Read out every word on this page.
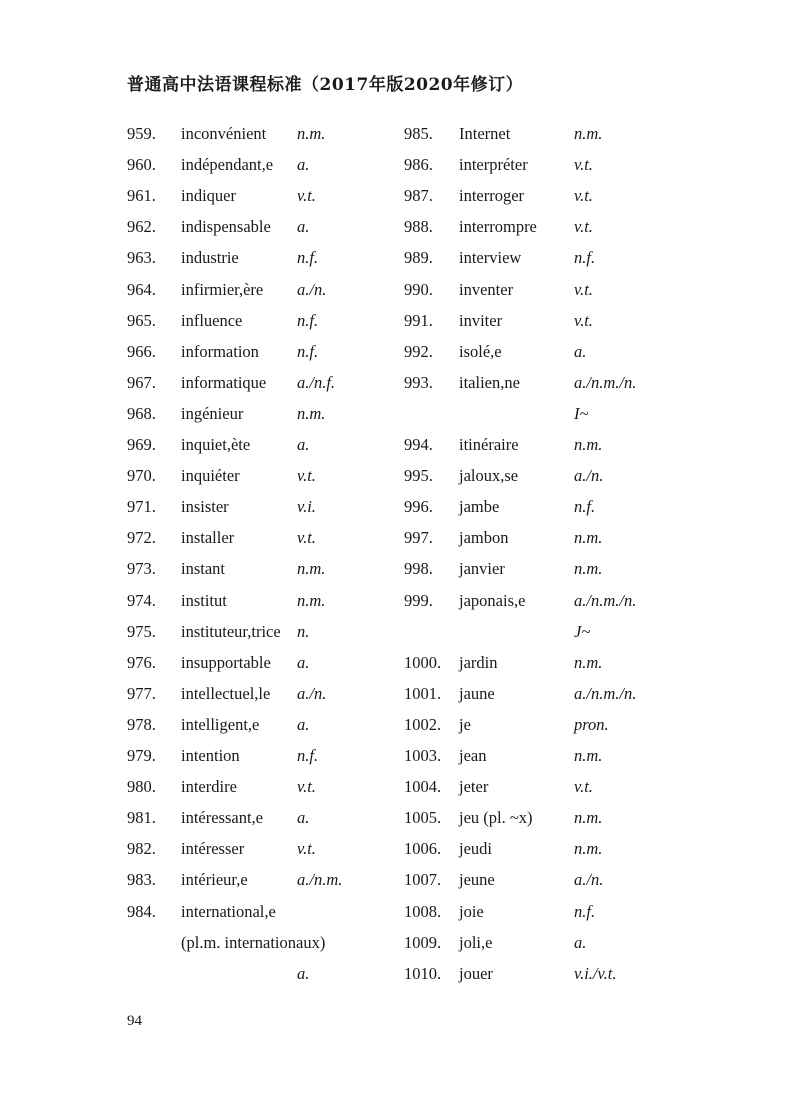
普通高中法语课程标准（2017年版2020年修订）
959. inconvénient n.m.
960. indépendant,e a.
961. indiquer	v.t.
962. indispensable a.
963. industrie	n.f.
964. infirmier,ère a./n.
965. influence	n.f.
966. information n.f.
967. informatique a./n.f.
968. ingénieur	n.m.
969. inquiet,ète	a.
970. inquiéter	v.t.
971. insister	v.i.
972. installer	v.t.
973. instant	n.m.
974. institut	n.m.
975. instituteur,trice n.
976. insupportable a.
977. intellectuel,le a./n.
978. intelligent,e a.
979. intention	n.f.
980. interdire	v.t.
981. intéressant,e a.
982. intéresser	v.t.
983. intérieur,e	a./n.m.
984. international,e
(pl.m. internationaux)
a.
985. Internet	n.m.
986. interpréter	v.t.
987. interroger	v.t.
988. interrompre v.t.
989. interview	n.f.
990. inventer	v.t.
991. inviter	v.t.
992. isolé,e	a.
993. italien,ne	a./n.m./n.
I~
994. itinéraire	n.m.
995. jaloux,se	a./n.
996. jambe	n.f.
997. jambon	n.m.
998. janvier	n.m.
999. japonais,e	a./n.m./n.
J~
1000. jardin	n.m.
1001. jaune	a./n.m./n.
1002. je	pron.
1003. jean	n.m.
1004. jeter	v.t.
1005. jeu (pl. ~x)	n.m.
1006. jeudi	n.m.
1007. jeune	a./n.
1008. joie	n.f.
1009. joli,e	a.
1010. jouer	v.i./v.t.
94
